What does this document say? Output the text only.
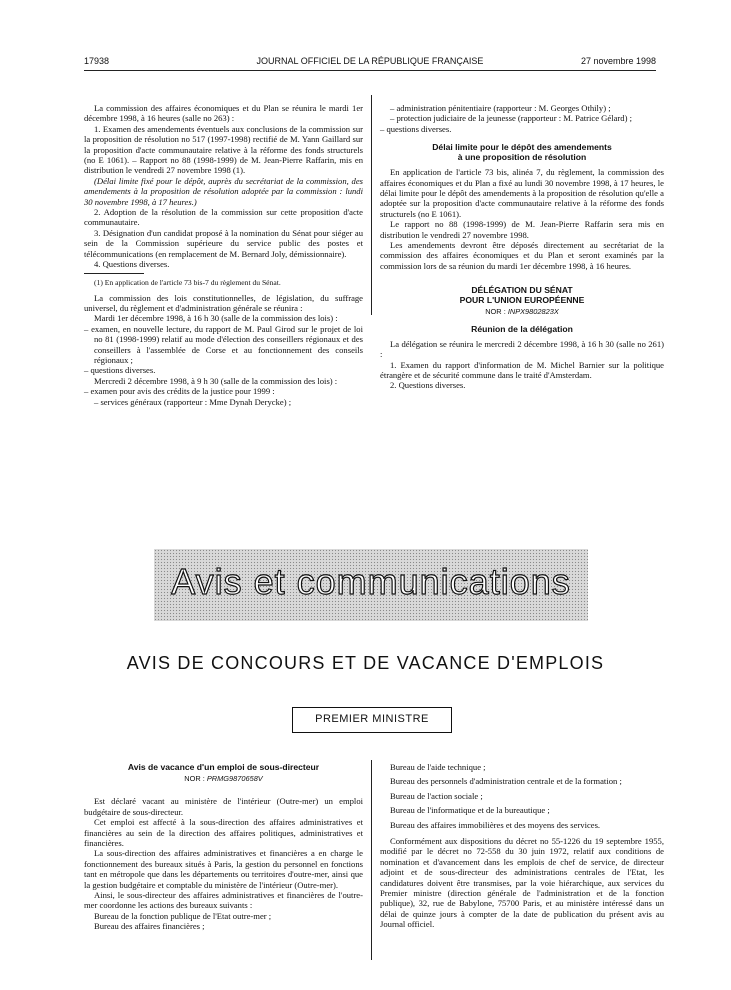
17938	JOURNAL OFFICIEL DE LA RÉPUBLIQUE FRANÇAISE	27 novembre 1998

La commission des affaires économiques et du Plan se réunira le mardi 1er décembre 1998, à 16 heures (salle no 263) :

1. Examen des amendements éventuels aux conclusions de la commission sur la proposition de résolution no 517 (1997-1998) rectifié de M. Yann Gaillard sur la proposition d'acte communautaire relative à la réforme des fonds structurels (no E 1061). – Rapport no 88 (1998-1999) de M. Jean-Pierre Raffarin, mis en distribution le vendredi 27 novembre 1998 (1).

(Délai limite fixé pour le dépôt, auprès du secrétariat de la commission, des amendements à la proposition de résolution adoptée par la commission : lundi 30 novembre 1998, à 17 heures.)

2. Adoption de la résolution de la commission sur cette proposition d'acte communautaire.

3. Désignation d'un candidat proposé à la nomination du Sénat pour siéger au sein de la Commission supérieure du service public des postes et télécommunications (en remplacement de M. Bernard Joly, démissionnaire).

4. Questions diverses.

(1) En application de l'article 73 bis-7 du règlement du Sénat.

La commission des lois constitutionnelles, de législation, du suffrage universel, du règlement et d'administration générale se réunira :

Mardi 1er décembre 1998, à 16 h 30 (salle de la commission des lois) :

– examen, en nouvelle lecture, du rapport de M. Paul Girod sur le projet de loi no 81 (1998-1999) relatif au mode d'élection des conseillers régionaux et des conseillers à l'assemblée de Corse et au fonctionnement des conseils régionaux ;

– questions diverses.

Mercredi 2 décembre 1998, à 9 h 30 (salle de la commission des lois) :

– examen pour avis des crédits de la justice pour 1999 :

– services généraux (rapporteur : Mme Dynah Derycke) ;

– administration pénitentiaire (rapporteur : M. Georges Othily) ;

– protection judiciaire de la jeunesse (rapporteur : M. Patrice Gélard) ;

– questions diverses.

Délai limite pour le dépôt des amendements
à une proposition de résolution

En application de l'article 73 bis, alinéa 7, du règlement, la commission des affaires économiques et du Plan a fixé au lundi 30 novembre 1998, à 17 heures, le délai limite pour le dépôt des amendements à la proposition de résolution qu'elle a adoptée sur la proposition d'acte communautaire relative à la réforme des fonds structurels (no E 1061).

Le rapport no 88 (1998-1999) de M. Jean-Pierre Raffarin sera mis en distribution le vendredi 27 novembre 1998.

Les amendements devront être déposés directement au secrétariat de la commission des affaires économiques et du Plan et seront examinés par la commission lors de sa réunion du mardi 1er décembre 1998, à 16 heures.

DÉLÉGATION DU SÉNAT
POUR L'UNION EUROPÉENNE
NOR : INPX9802823X
Réunion de la délégation

La délégation se réunira le mercredi 2 décembre 1998, à 16 h 30 (salle no 261) :

1. Examen du rapport d'information de M. Michel Barnier sur la politique étrangère et de sécurité commune dans le traité d'Amsterdam.

2. Questions diverses.

Avis et communications
AVIS DE CONCOURS ET DE VACANCE D'EMPLOIS
PREMIER MINISTRE
Avis de vacance d'un emploi de sous-directeur
NOR : PRMG9870658V

Est déclaré vacant au ministère de l'intérieur (Outre-mer) un emploi budgétaire de sous-directeur.

Cet emploi est affecté à la sous-direction des affaires administratives et financières au sein de la direction des affaires politiques, administratives et financières.

La sous-direction des affaires administratives et financières a en charge le fonctionnement des bureaux situés à Paris, la gestion du personnel en fonctions tant en métropole que dans les départements ou territoires d'outre-mer, ainsi que la gestion budgétaire et comptable du ministère de l'intérieur (Outre-mer).

Ainsi, le sous-directeur des affaires administratives et financières de l'outre-mer coordonne les actions des bureaux suivants :

Bureau de la fonction publique de l'Etat outre-mer ;

Bureau des affaires financières ;

Bureau de l'aide technique ;

Bureau des personnels d'administration centrale et de la formation ;

Bureau de l'action sociale ;

Bureau de l'informatique et de la bureautique ;

Bureau des affaires immobilières et des moyens des services.

Conformément aux dispositions du décret no 55-1226 du 19 septembre 1955, modifié par le décret no 72-558 du 30 juin 1972, relatif aux conditions de nomination et d'avancement dans les emplois de chef de service, de directeur adjoint et de sous-directeur des administrations centrales de l'Etat, les candidatures doivent être transmises, par la voie hiérarchique, aux services du Premier ministre (direction générale de l'administration et de la fonction publique), 32, rue de Babylone, 75700 Paris, et au ministère intéressé dans un délai de quinze jours à compter de la date de publication du présent avis au Journal officiel.
